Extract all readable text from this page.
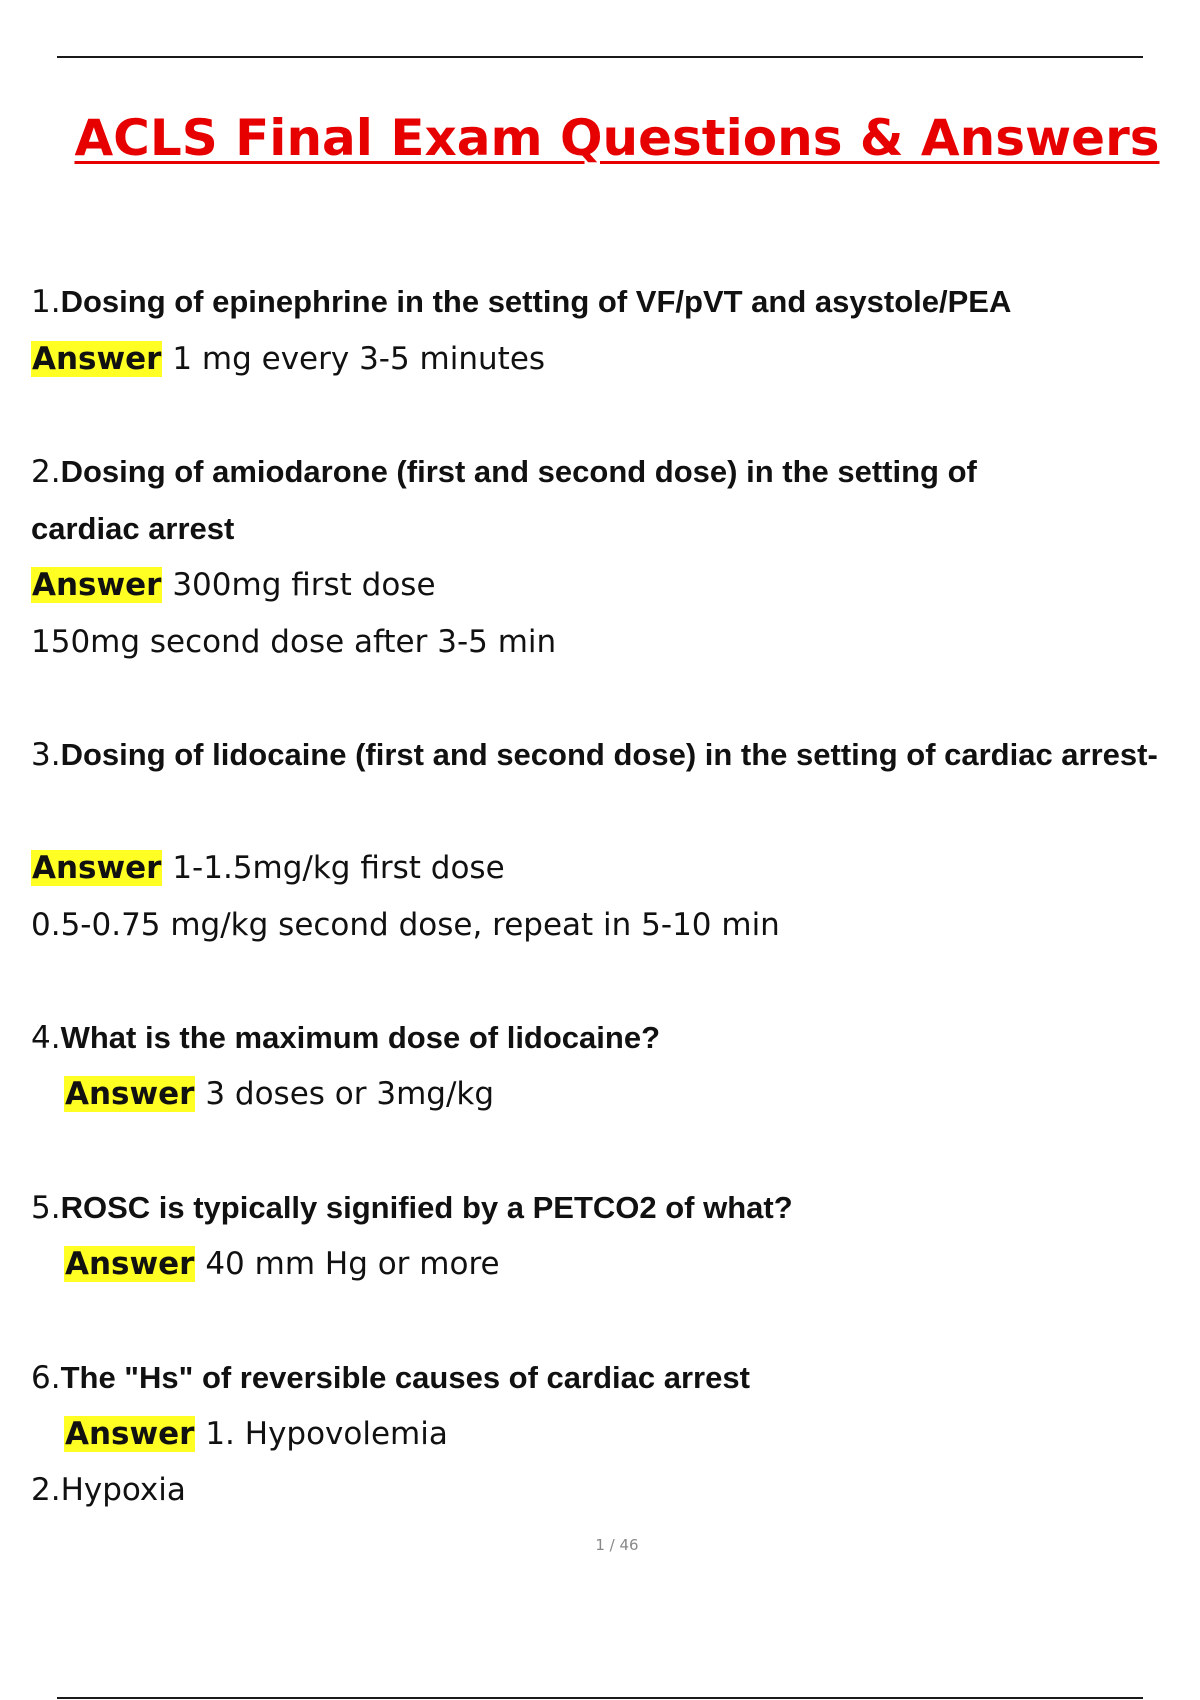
ACLS Final Exam Questions & Answers
1.Dosing of epinephrine in the setting of VF/pVT and asystole/PEA
Answer 1 mg every 3-5 minutes
2.Dosing of amiodarone (first and second dose) in the setting of
cardiac arrest
Answer 300mg first dose
150mg second dose after 3-5 min
3.Dosing of lidocaine (first and second dose) in the setting of cardiac arrest-
Answer 1-1.5mg/kg first dose
0.5-0.75 mg/kg second dose, repeat in 5-10 min
4.What is the maximum dose of lidocaine?
Answer 3 doses or 3mg/kg
5.ROSC is typically signified by a PETCO2 of what?
Answer 40 mm Hg or more
6.The "Hs" of reversible causes of cardiac arrest
Answer 1. Hypovolemia
2.Hypoxia
1 / 46
